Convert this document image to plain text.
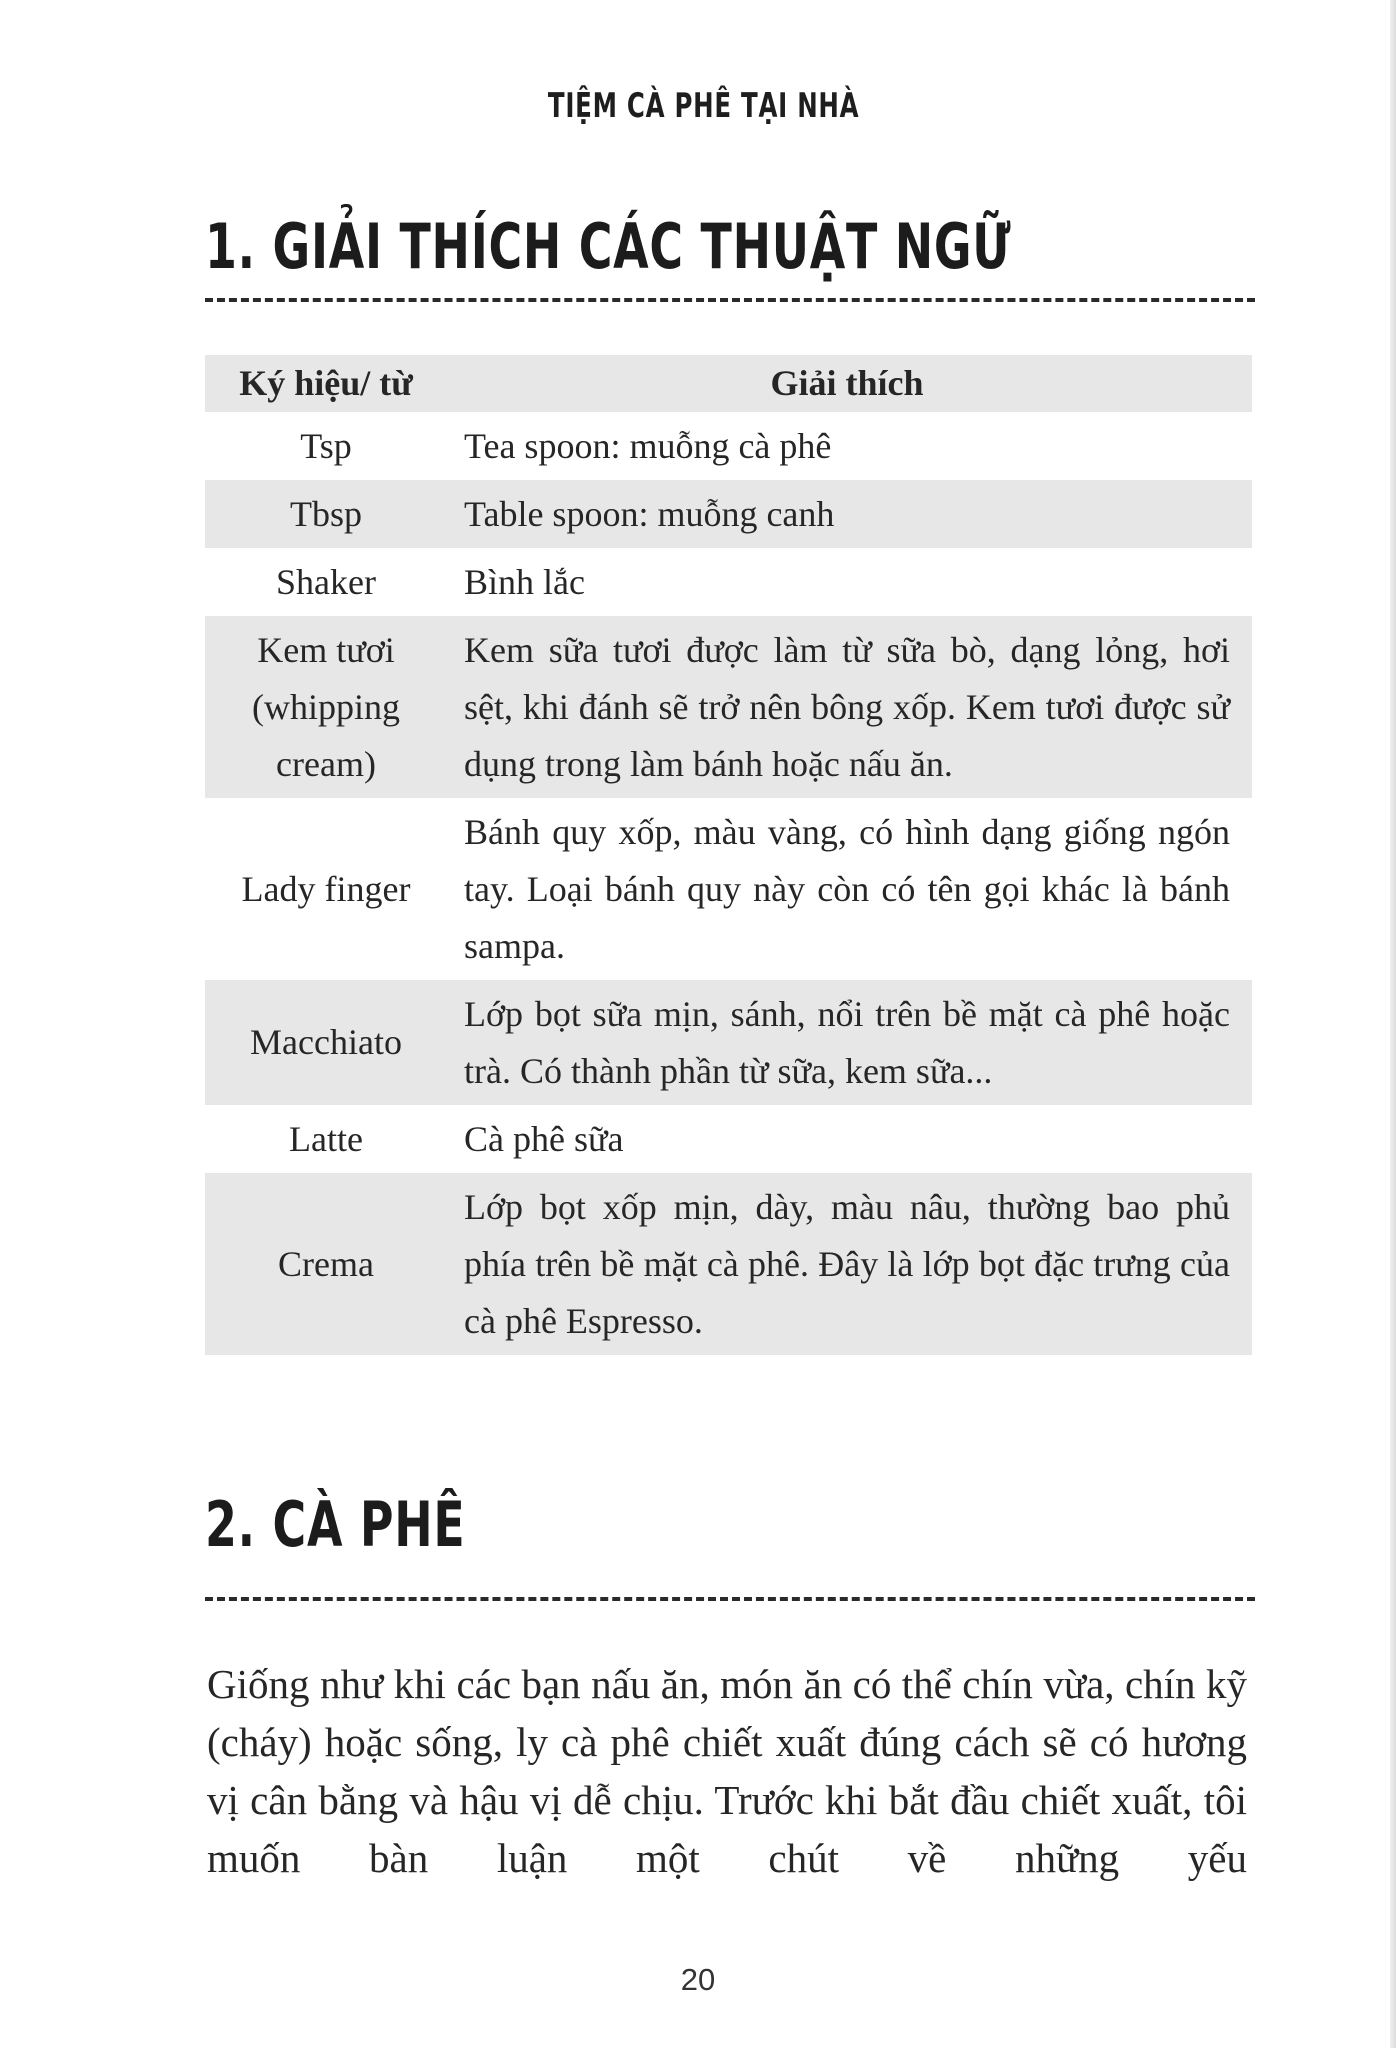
TIỆM CÀ PHÊ TẠI NHÀ
1. GIẢI THÍCH CÁC THUẬT NGỮ
Ký hiệu/ từ	Giải thích
Tsp	Tea spoon: muỗng cà phê
Tbsp	Table spoon: muỗng canh
Shaker	Bình lắc
Kem tươi (whipping cream)	Kem sữa tươi được làm từ sữa bò, dạng lỏng, hơi sệt, khi đánh sẽ trở nên bông xốp. Kem tươi được sử dụng trong làm bánh hoặc nấu ăn.
Lady finger	Bánh quy xốp, màu vàng, có hình dạng giống ngón tay. Loại bánh quy này còn có tên gọi khác là bánh sampa.
Macchiato	Lớp bọt sữa mịn, sánh, nổi trên bề mặt cà phê hoặc trà. Có thành phần từ sữa, kem sữa...
Latte	Cà phê sữa
Crema	Lớp bọt xốp mịn, dày, màu nâu, thường bao phủ phía trên bề mặt cà phê. Đây là lớp bọt đặc trưng của cà phê Espresso.
2. CÀ PHÊ

Giống như khi các bạn nấu ăn, món ăn có thể chín vừa, chín kỹ (cháy) hoặc sống, ly cà phê chiết xuất đúng cách sẽ có hương vị cân bằng và hậu vị dễ chịu. Trước khi bắt đầu chiết xuất, tôi muốn bàn luận một chút về những yếu

20
